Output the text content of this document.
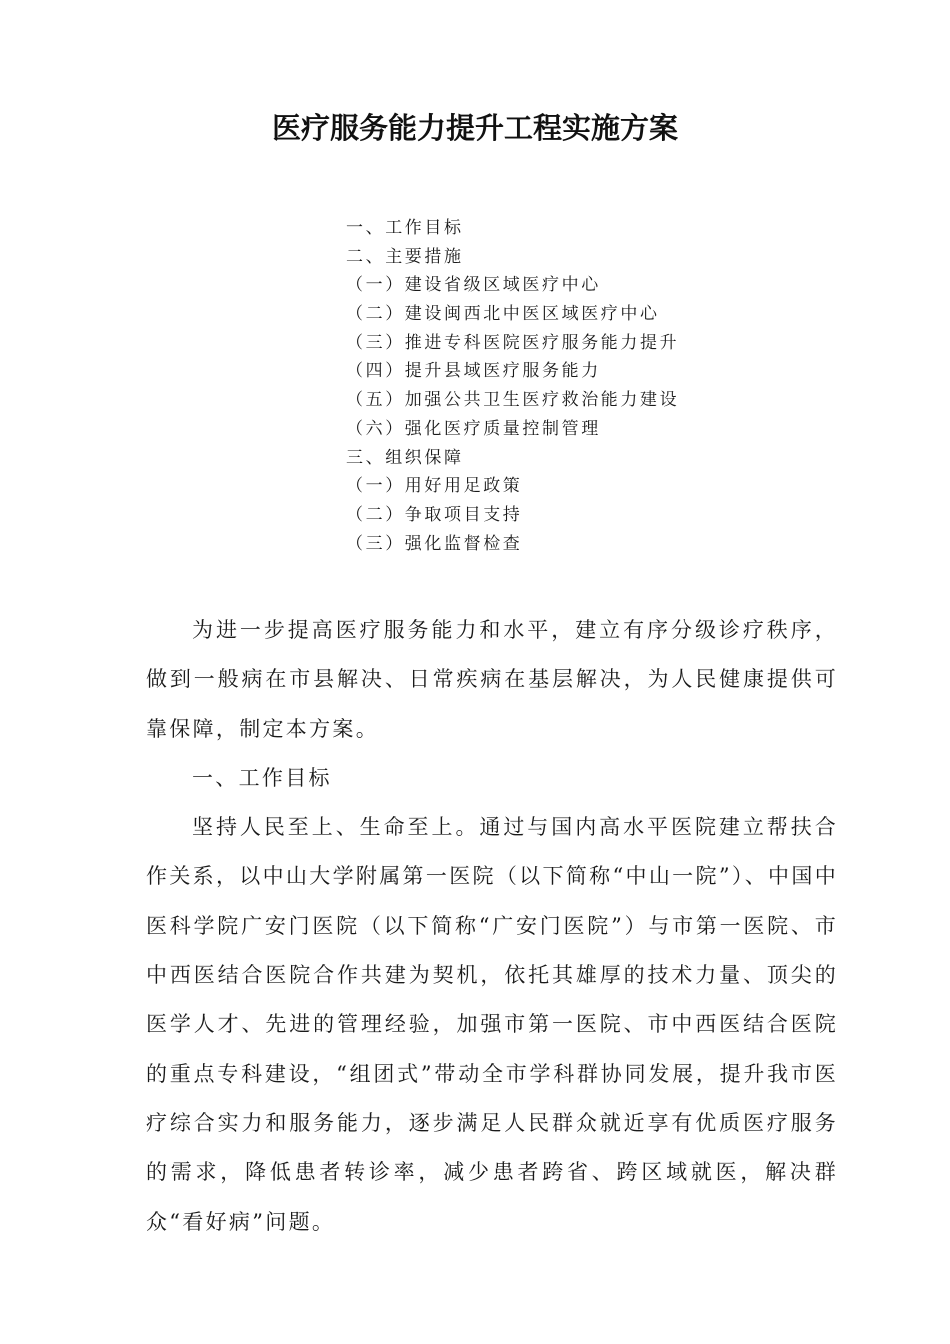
医疗服务能力提升工程实施方案
一、工作目标
二、主要措施
（一）建设省级区域医疗中心
（二）建设闽西北中医区域医疗中心
（三）推进专科医院医疗服务能力提升
（四）提升县域医疗服务能力
（五）加强公共卫生医疗救治能力建设
（六）强化医疗质量控制管理
三、组织保障
（一）用好用足政策
（二）争取项目支持
（三）强化监督检查

为进一步提高医疗服务能力和水平，建立有序分级诊疗秩序，做到一般病在市县解决、日常疾病在基层解决，为人民健康提供可靠保障，制定本方案。

一、工作目标

坚持人民至上、生命至上。通过与国内高水平医院建立帮扶合作关系，以中山大学附属第一医院（以下简称“中山一院”）、中国中医科学院广安门医院（以下简称“广安门医院”）与市第一医院、市中西医结合医院合作共建为契机，依托其雄厚的技术力量、顶尖的医学人才、先进的管理经验，加强市第一医院、市中西医结合医院的重点专科建设，“组团式”带动全市学科群协同发展，提升我市医疗综合实力和服务能力，逐步满足人民群众就近享有优质医疗服务的需求，降低患者转诊率，减少患者跨省、跨区域就医，解决群众“看好病”问题。
